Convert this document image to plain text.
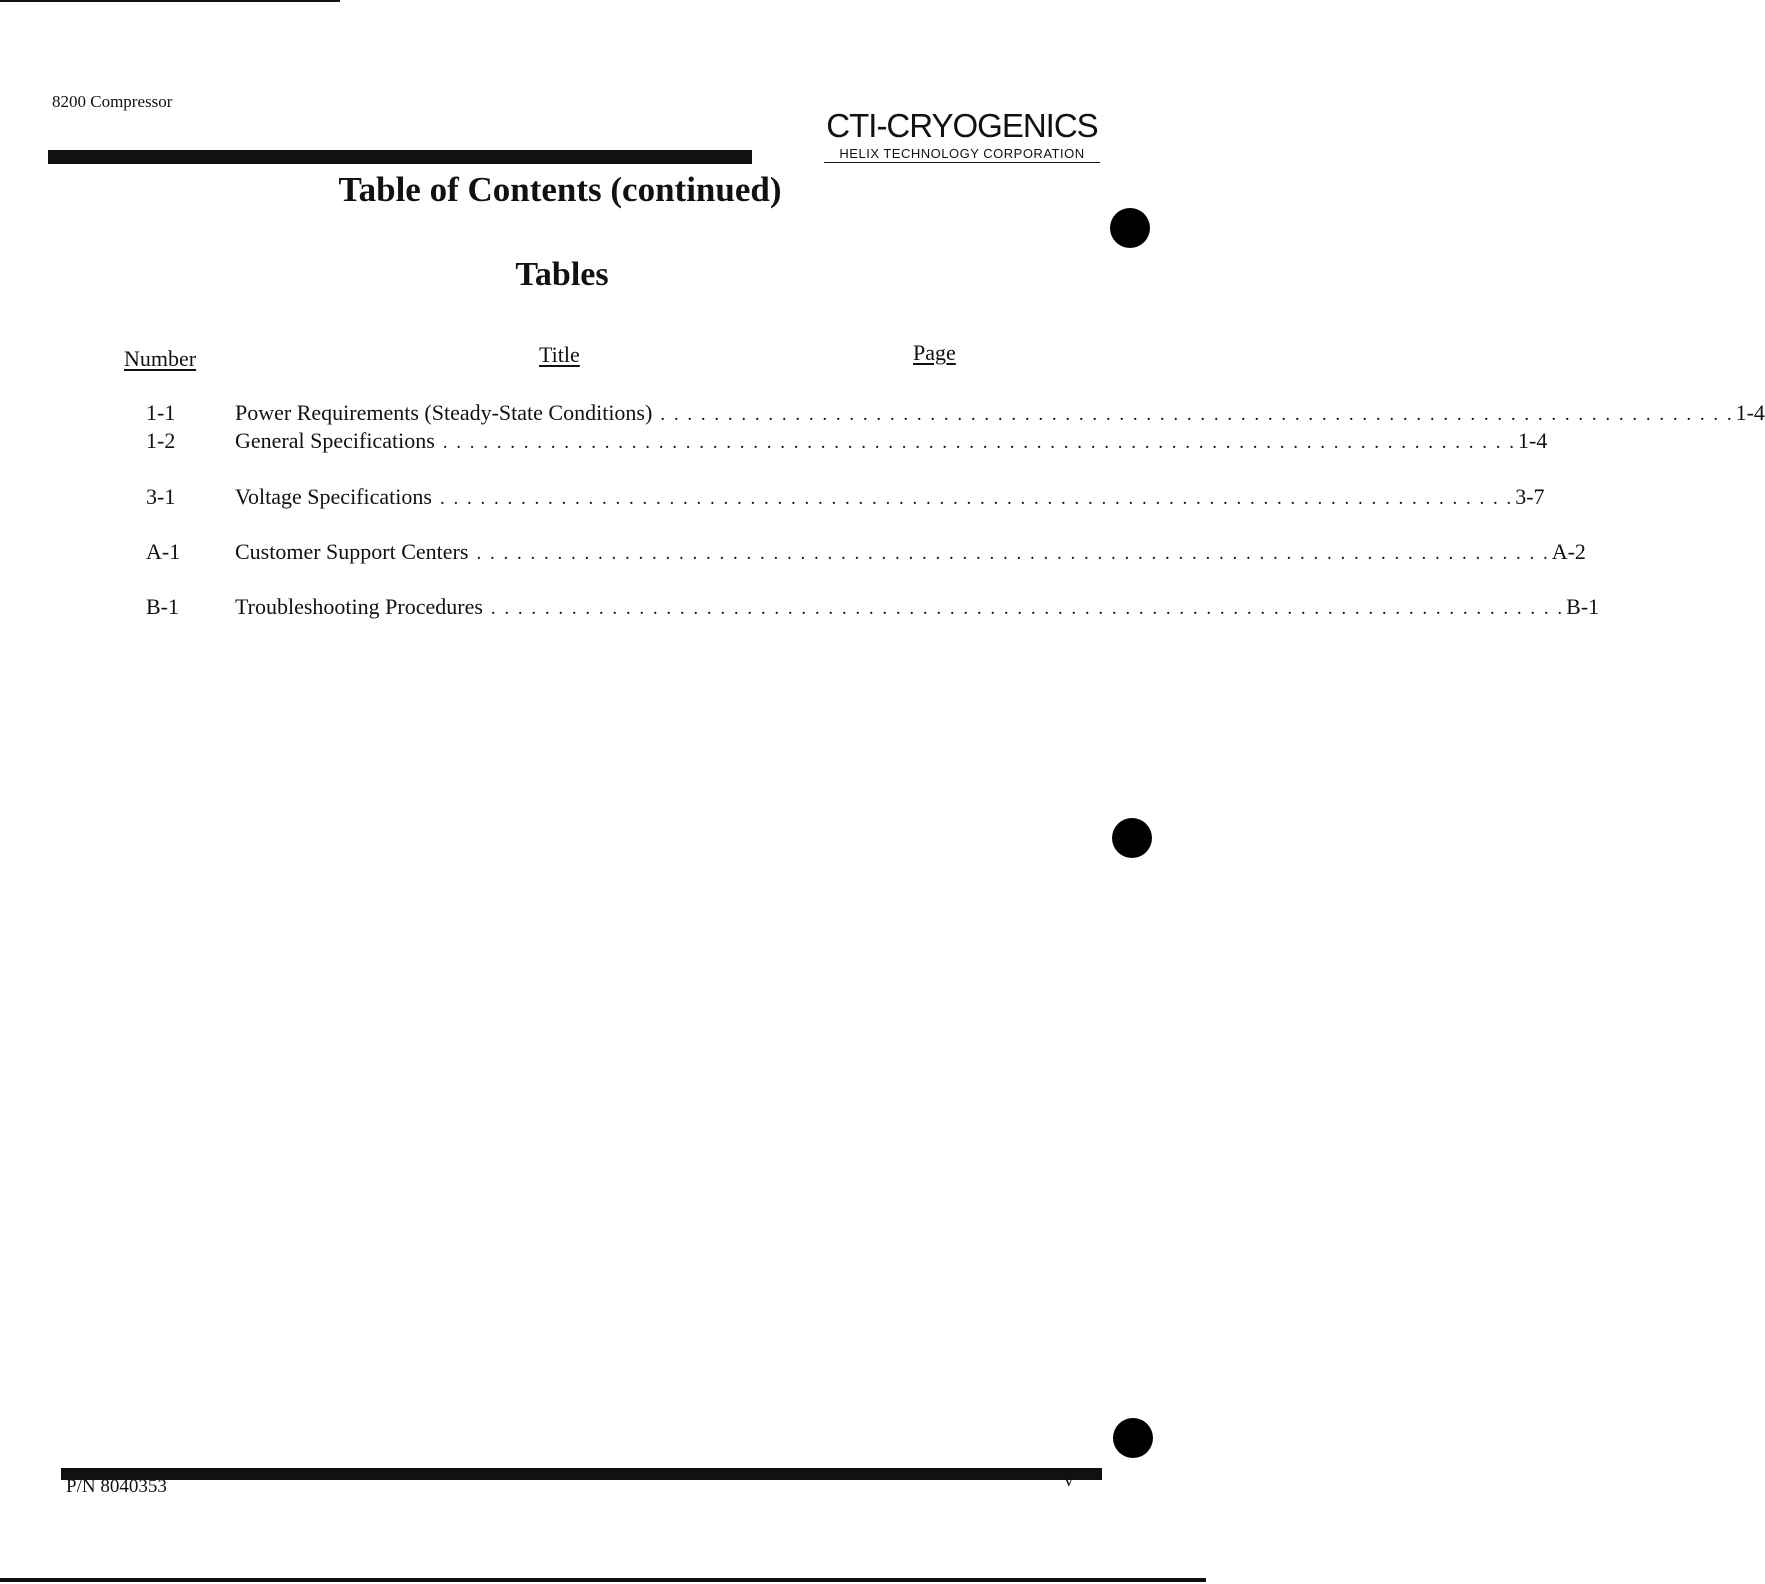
8200 Compressor
CTI-CRYOGENICS
HELIX TECHNOLOGY CORPORATION
Table of Contents (continued)
Tables
Number	Title	Page
1-1	Power Requirements (Steady-State Conditions) . . . . . . . . . . . . . . . . . . . . . . . . . . . . . . . . . . . . . . . . . . . . . . . . . . . . . . . . . . . . . . . . . . . . . . . . . . . . . . . . 1-4
1-2	General Specifications . . . . . . . . . . . . . . . . . . . . . . . . . . . . . . . . . . . . . . . . . . . . . . . . . . . . . . . . . . . . . . . . . . . . . . . . . . . . . . . . 1-4
3-1	Voltage Specifications . . . . . . . . . . . . . . . . . . . . . . . . . . . . . . . . . . . . . . . . . . . . . . . . . . . . . . . . . . . . . . . . . . . . . . . . . . . . . . . . 3-7
A-1 Customer Support Centers . . . . . . . . . . . . . . . . . . . . . . . . . . . . . . . . . . . . . . . . . . . . . . . . . . . . . . . . . . . . . . . . . . . . . . . . . . . . . . . . A-2
B-1	Troubleshooting Procedures . . . . . . . . . . . . . . . . . . . . . . . . . . . . . . . . . . . . . . . . . . . . . . . . . . . . . . . . . . . . . . . . . . . . . . . . . . . . . . . . B-1
P/N 8040353	v
